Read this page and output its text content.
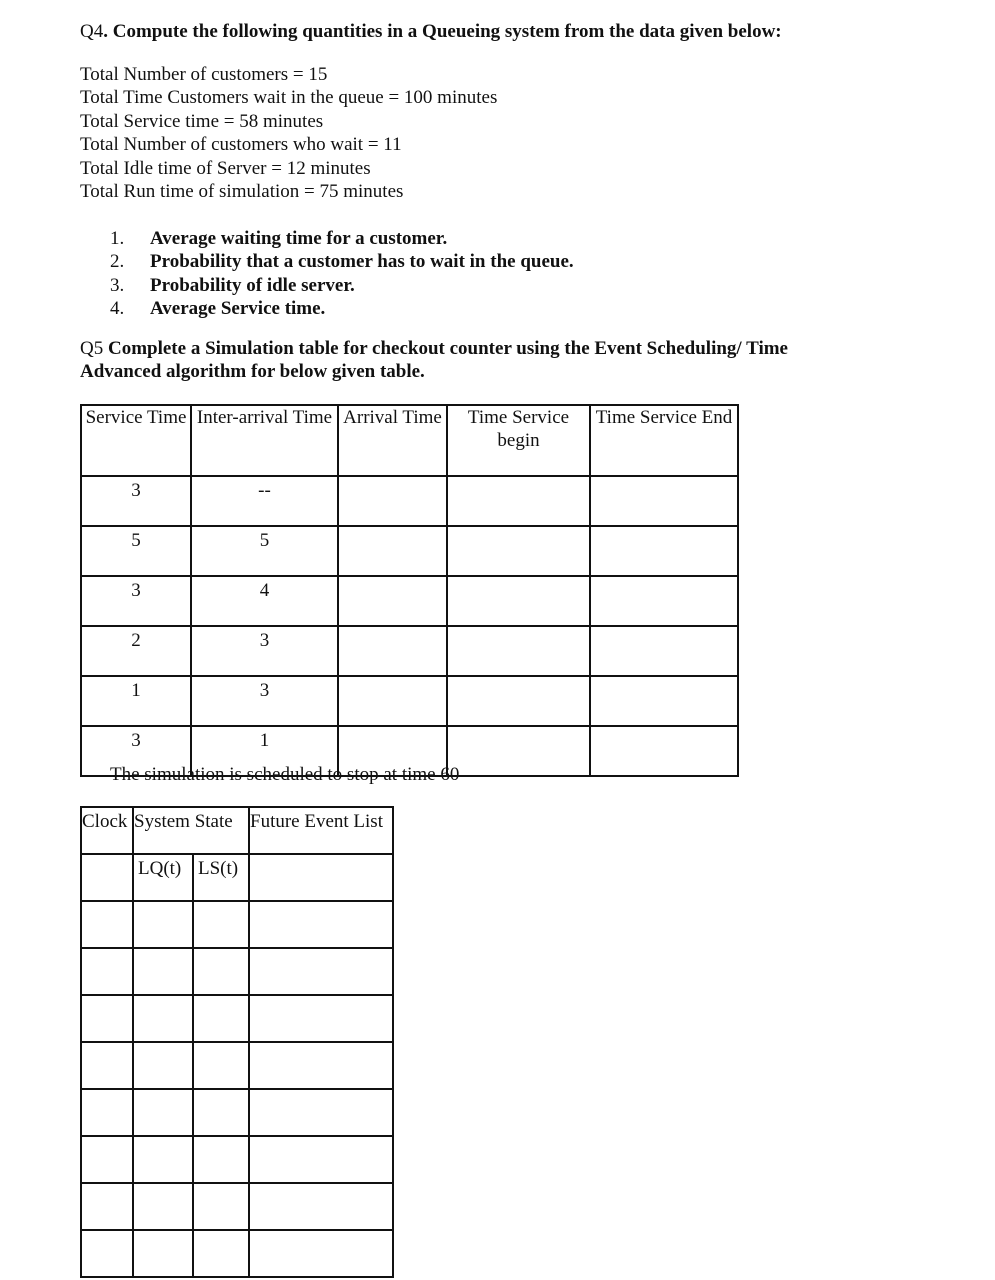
Q4. Compute the following quantities in a Queueing system from the data given below:
Total Number of customers = 15
Total Time Customers wait in the queue = 100 minutes
Total Service time = 58 minutes
Total Number of customers who wait = 11
Total Idle time of Server = 12 minutes
Total Run time of simulation = 75 minutes
1.	Average waiting time for a customer.
2.	Probability that a customer has to wait in the queue.
3.	Probability of idle server.
4.	Average Service time.
Q5 Complete a Simulation table for checkout counter using the Event Scheduling/ Time Advanced algorithm for below given table.
Service Time	Inter-arrival Time	Arrival Time	Time Service begin	Time Service End
3	--			
5	5			
3	4			
2	3			
1	3			
3	1			
The simulation is scheduled to stop at time 60
Clock	System State		Future Event List
	LQ(t)	LS(t)	
